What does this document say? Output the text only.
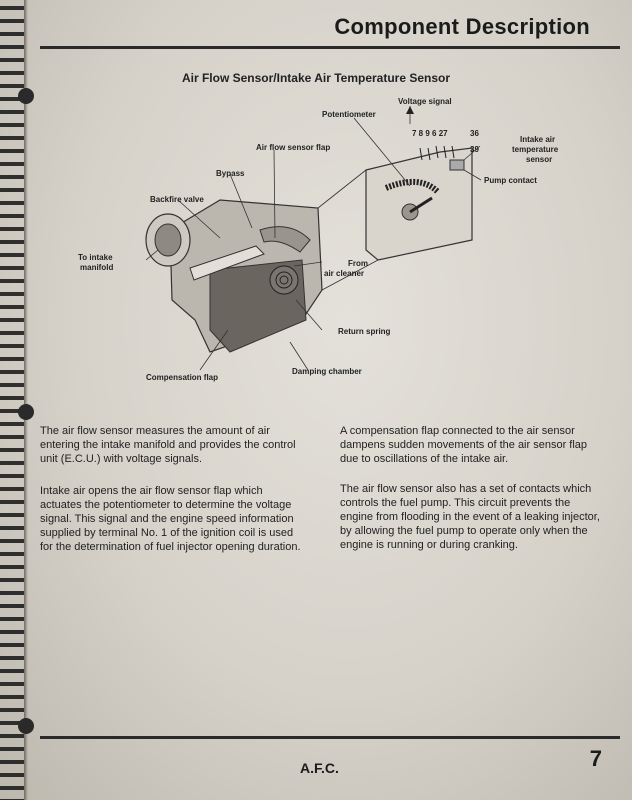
Component Description
Air Flow Sensor/Intake Air Temperature Sensor
Voltage signal
Potentiometer
7 8 9 6 27	36
39
Intake air
temperature
sensor
Pump contact
Air flow sensor flap
Bypass
Backfire valve
To intake
manifold	From
air cleaner
Return spring
Compensation flap
Damping chamber

The air flow sensor measures the amount of air entering the intake manifold and provides the control unit (E.C.U.) with voltage signals.

Intake air opens the air flow sensor flap which actuates the potentiometer to determine the voltage signal. This signal and the engine speed information supplied by terminal No. 1 of the ignition coil is used for the determination of fuel injector opening duration.

A compensation flap connected to the air sensor dampens sudden movements of the air sensor flap due to oscillations of the intake air.

The air flow sensor also has a set of contacts which controls the fuel pump. This circuit prevents the engine from flooding in the event of a leaking injector, by allowing the fuel pump to operate only when the engine is running or during cranking.

A.F.C.	7
